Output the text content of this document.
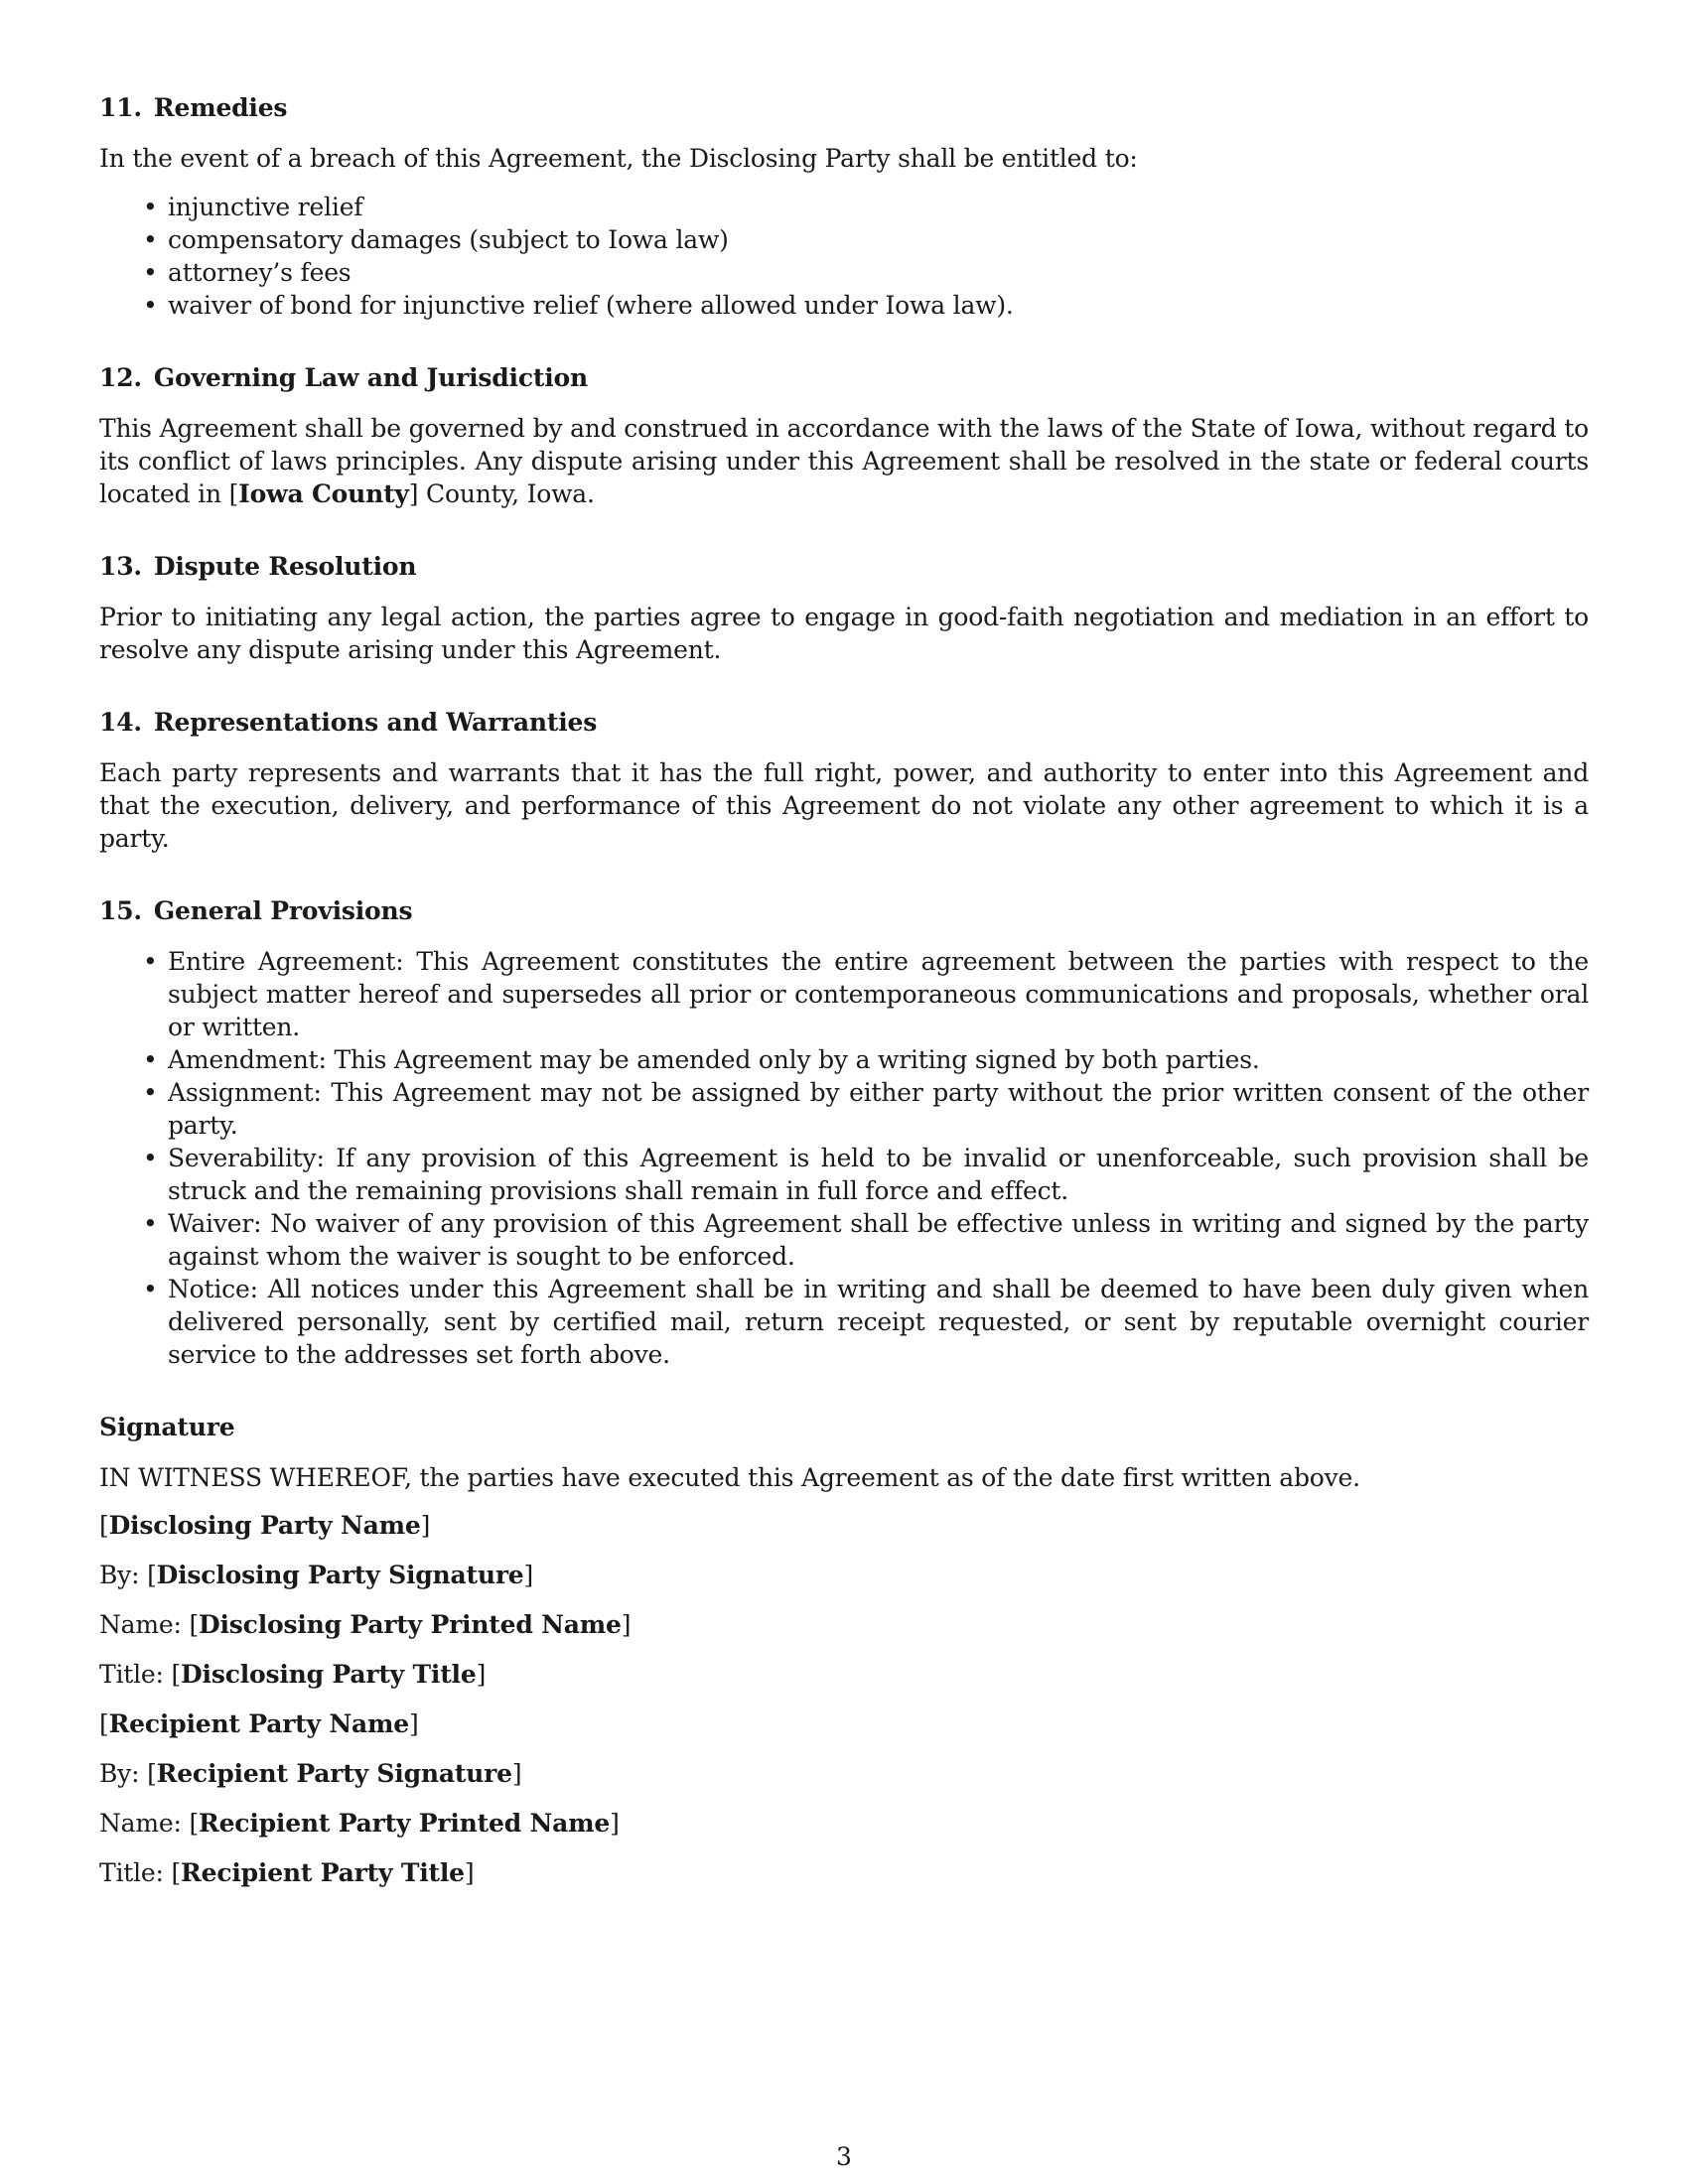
11. Remedies
In the event of a breach of this Agreement, the Disclosing Party shall be entitled to:
• injunctive relief
• compensatory damages (subject to Iowa law)
• attorney’s fees
• waiver of bond for injunctive relief (where allowed under Iowa law).
12. Governing Law and Jurisdiction
This Agreement shall be governed by and construed in accordance with the laws of the State of Iowa, without regard to its conflict of laws principles. Any dispute arising under this Agreement shall be resolved in the state or federal courts located in [Iowa County] County, Iowa.
13. Dispute Resolution
Prior to initiating any legal action, the parties agree to engage in good-faith negotiation and mediation in an effort to resolve any dispute arising under this Agreement.
14. Representations and Warranties
Each party represents and warrants that it has the full right, power, and authority to enter into this Agreement and that the execution, delivery, and performance of this Agreement do not violate any other agreement to which it is a party.
15. General Provisions
• Entire Agreement: This Agreement constitutes the entire agreement between the parties with respect to the subject matter hereof and supersedes all prior or contemporaneous communications and proposals, whether oral or written.
• Amendment: This Agreement may be amended only by a writing signed by both parties.
• Assignment: This Agreement may not be assigned by either party without the prior written consent of the other party.
• Severability: If any provision of this Agreement is held to be invalid or unenforceable, such provision shall be struck and the remaining provisions shall remain in full force and effect.
• Waiver: No waiver of any provision of this Agreement shall be effective unless in writing and signed by the party against whom the waiver is sought to be enforced.
• Notice: All notices under this Agreement shall be in writing and shall be deemed to have been duly given when delivered personally, sent by certified mail, return receipt requested, or sent by reputable overnight courier service to the addresses set forth above.
Signature
IN WITNESS WHEREOF, the parties have executed this Agreement as of the date first written above.
[Disclosing Party Name]
By: [Disclosing Party Signature]
Name: [Disclosing Party Printed Name]
Title: [Disclosing Party Title]
[Recipient Party Name]
By: [Recipient Party Signature]
Name: [Recipient Party Printed Name]
Title: [Recipient Party Title]
3
